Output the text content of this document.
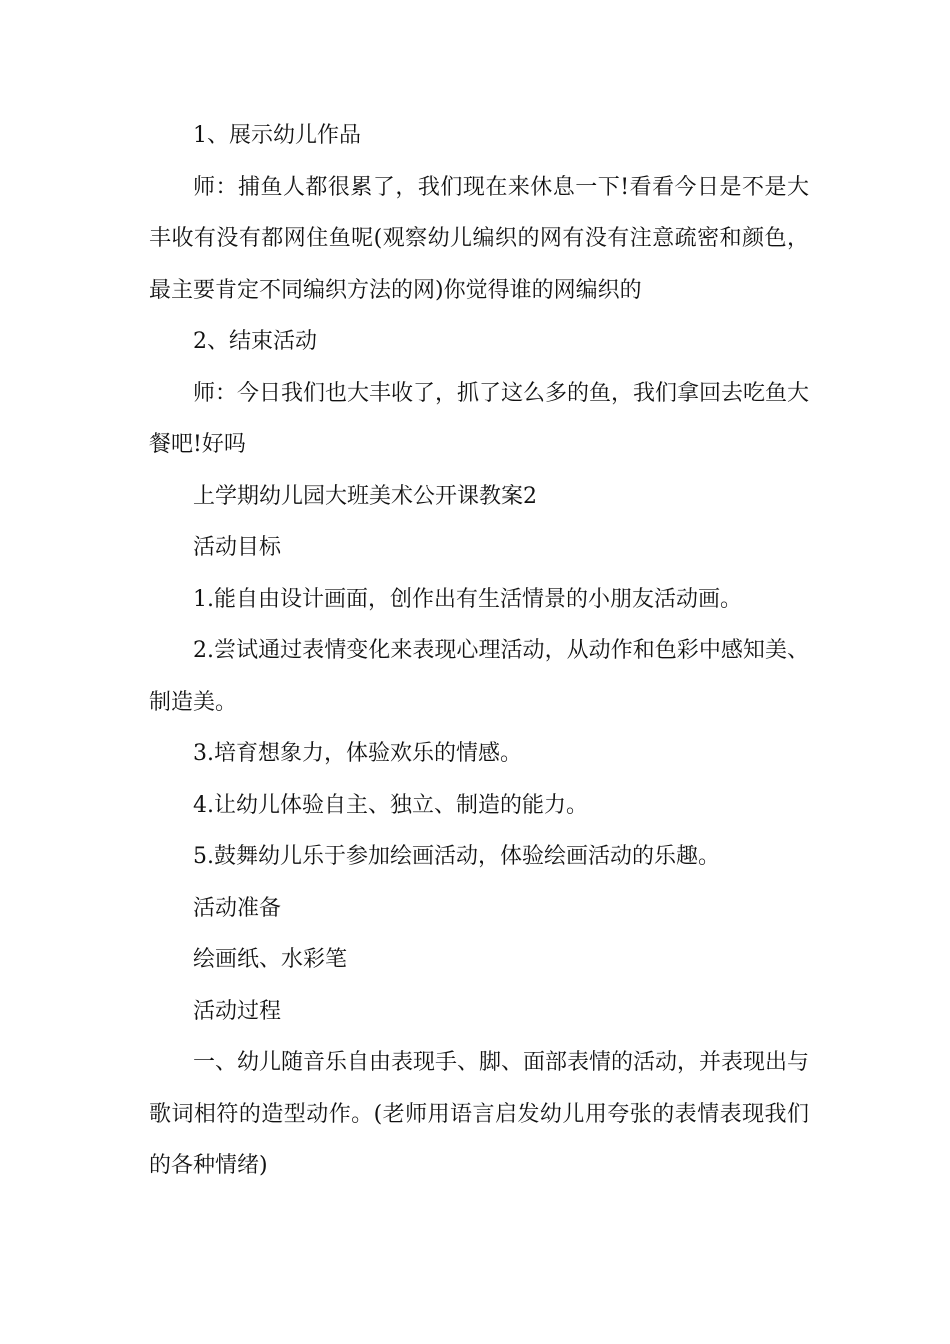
1、展示幼儿作品

师：捕鱼人都很累了，我们现在来休息一下!看看今日是不是大丰收有没有都网住鱼呢(观察幼儿编织的网有没有注意疏密和颜色，最主要肯定不同编织方法的网)你觉得谁的网编织的

2、结束活动

师：今日我们也大丰收了，抓了这么多的鱼，我们拿回去吃鱼大餐吧!好吗

上学期幼儿园大班美术公开课教案2

活动目标

1.能自由设计画面，创作出有生活情景的小朋友活动画。

2.尝试通过表情变化来表现心理活动，从动作和色彩中感知美、制造美。

3.培育想象力，体验欢乐的情感。

4.让幼儿体验自主、独立、制造的能力。

5.鼓舞幼儿乐于参加绘画活动，体验绘画活动的乐趣。

活动准备

绘画纸、水彩笔

活动过程

一、幼儿随音乐自由表现手、脚、面部表情的活动，并表现出与歌词相符的造型动作。(老师用语言启发幼儿用夸张的表情表现我们的各种情绪)
